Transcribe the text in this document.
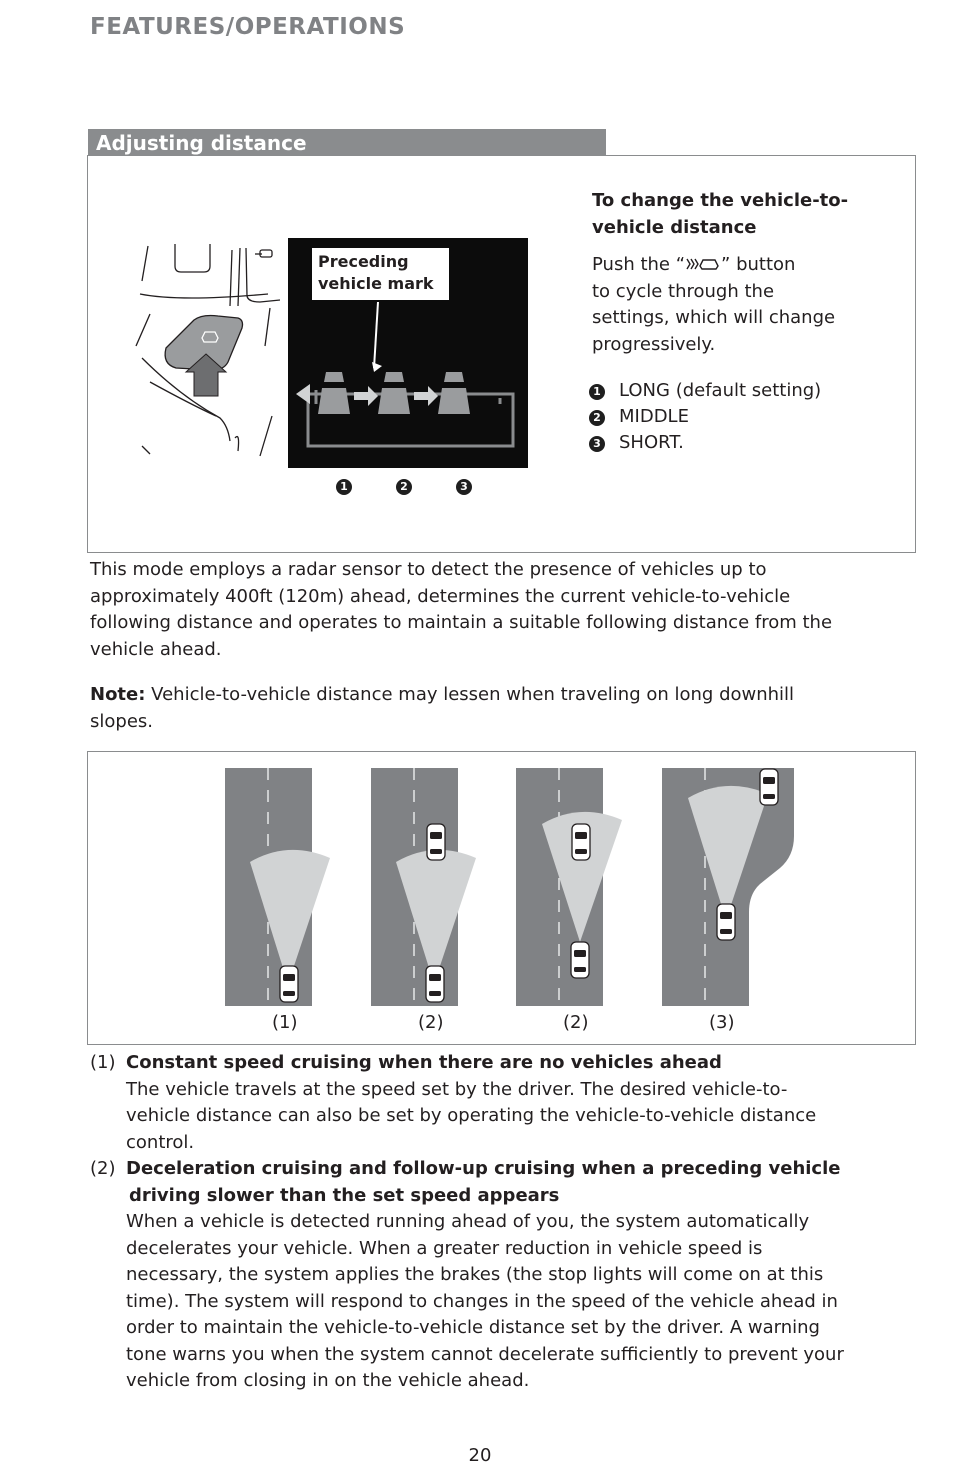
FEATURES/OPERATIONS
Adjusting distance
Preceding
vehicle mark
1	2	3
To change the vehicle-to-
vehicle distance
Push the “ ” button
to cycle through the
settings, which will change
progressively.
1 LONG (default setting)
2 MIDDLE
3 SHORT.
This mode employs a radar sensor to detect the presence of vehicles up to
approximately 400ft (120m) ahead, determines the current vehicle-to-vehicle
following distance and operates to maintain a suitable following distance from the
vehicle ahead.
Note: Vehicle-to-vehicle distance may lessen when traveling on long downhill
slopes.
(1)	(2)	(2)	(3)
(1) Constant speed cruising when there are no vehicles ahead
The vehicle travels at the speed set by the driver. The desired vehicle-to-
vehicle distance can also be set by operating the vehicle-to-vehicle distance
control.
(2) Deceleration cruising and follow-up cruising when a preceding vehicle
driving slower than the set speed appears
When a vehicle is detected running ahead of you, the system automatically
decelerates your vehicle. When a greater reduction in vehicle speed is
necessary, the system applies the brakes (the stop lights will come on at this
time). The system will respond to changes in the speed of the vehicle ahead in
order to maintain the vehicle-to-vehicle distance set by the driver. A warning
tone warns you when the system cannot decelerate sufficiently to prevent your
vehicle from closing in on the vehicle ahead.
20
